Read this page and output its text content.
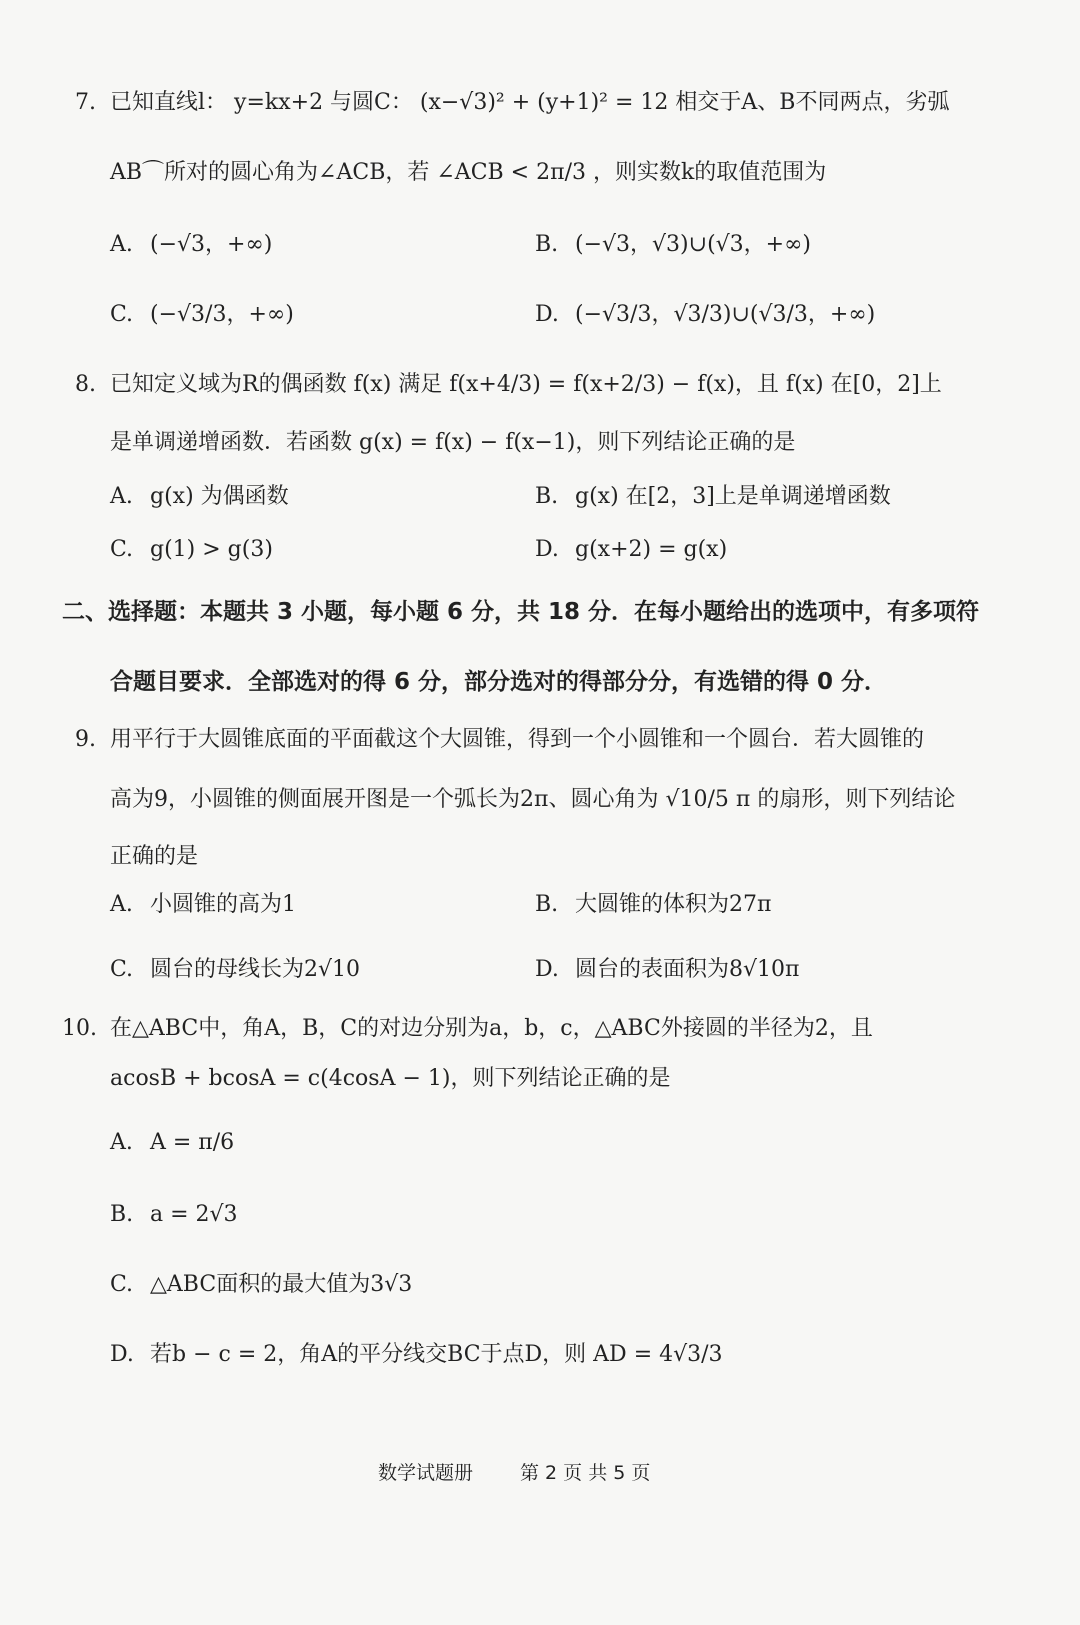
7. 已知直线l： y=kx+2 与圆C： (x−√3)² + (y+1)² = 12 相交于A、B不同两点，劣弧
AB⌒所对的圆心角为∠ACB，若 ∠ACB < 2π/3 ，则实数k的取值范围为
A. (−√3，+∞)	B. (−√3，√3)∪(√3，+∞)
C. (−√3/3，+∞)	D. (−√3/3，√3/3)∪(√3/3，+∞)
8. 已知定义域为R的偶函数 f(x) 满足 f(x+4/3) = f(x+2/3) − f(x)，且 f(x) 在[0，2]上
是单调递增函数．若函数 g(x) = f(x) − f(x−1)，则下列结论正确的是
A. g(x) 为偶函数	B. g(x) 在[2，3]上是单调递增函数
C. g(1) > g(3)	D. g(x+2) = g(x)
二、选择题：本题共 3 小题，每小题 6 分，共 18 分．在每小题给出的选项中，有多项符
合题目要求．全部选对的得 6 分，部分选对的得部分分，有选错的得 0 分．
9. 用平行于大圆锥底面的平面截这个大圆锥，得到一个小圆锥和一个圆台．若大圆锥的
高为9，小圆锥的侧面展开图是一个弧长为2π、圆心角为 √10/5 π 的扇形，则下列结论
正确的是
A. 小圆锥的高为1	B. 大圆锥的体积为27π
C. 圆台的母线长为2√10	D. 圆台的表面积为8√10π
10. 在△ABC中，角A，B，C的对边分别为a，b，c，△ABC外接圆的半径为2，且
acosB + bcosA = c(4cosA − 1)，则下列结论正确的是
A. A = π/6
B. a = 2√3
C. △ABC面积的最大值为3√3
D. 若b − c = 2，角A的平分线交BC于点D，则 AD = 4√3/3
数学试题册 第 2 页 共 5 页
